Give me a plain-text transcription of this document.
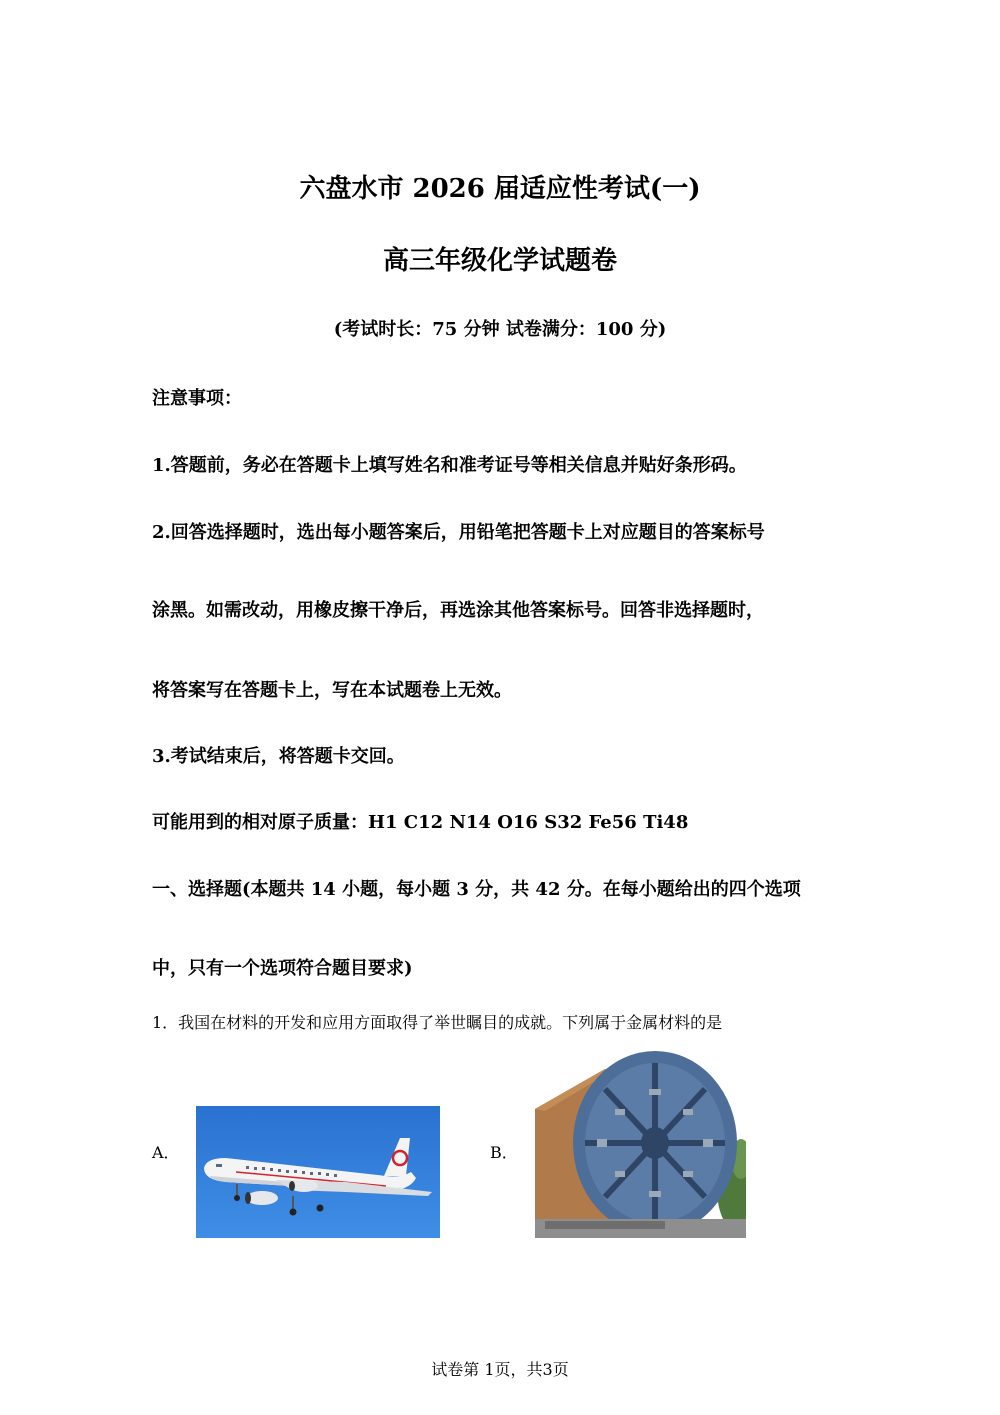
六盘水市 2026 届适应性考试(一)
高三年级化学试题卷
(考试时长：75 分钟 试卷满分：100 分)
注意事项：
1.答题前，务必在答题卡上填写姓名和准考证号等相关信息并贴好条形码。
2.回答选择题时，选出每小题答案后，用铅笔把答题卡上对应题目的答案标号
涂黑。如需改动，用橡皮擦干净后，再选涂其他答案标号。回答非选择题时，
将答案写在答题卡上，写在本试题卷上无效。
3.考试结束后，将答题卡交回。
可能用到的相对原子质量：H1 C12 N14 O16 S32 Fe56 Ti48
一、选择题(本题共 14 小题，每小题 3 分，共 42 分。在每小题给出的四个选项
中，只有一个选项符合题目要求)
1．我国在材料的开发和应用方面取得了举世瞩目的成就。下列属于金属材料的是
A．	B．
试卷第 1页，共3页
